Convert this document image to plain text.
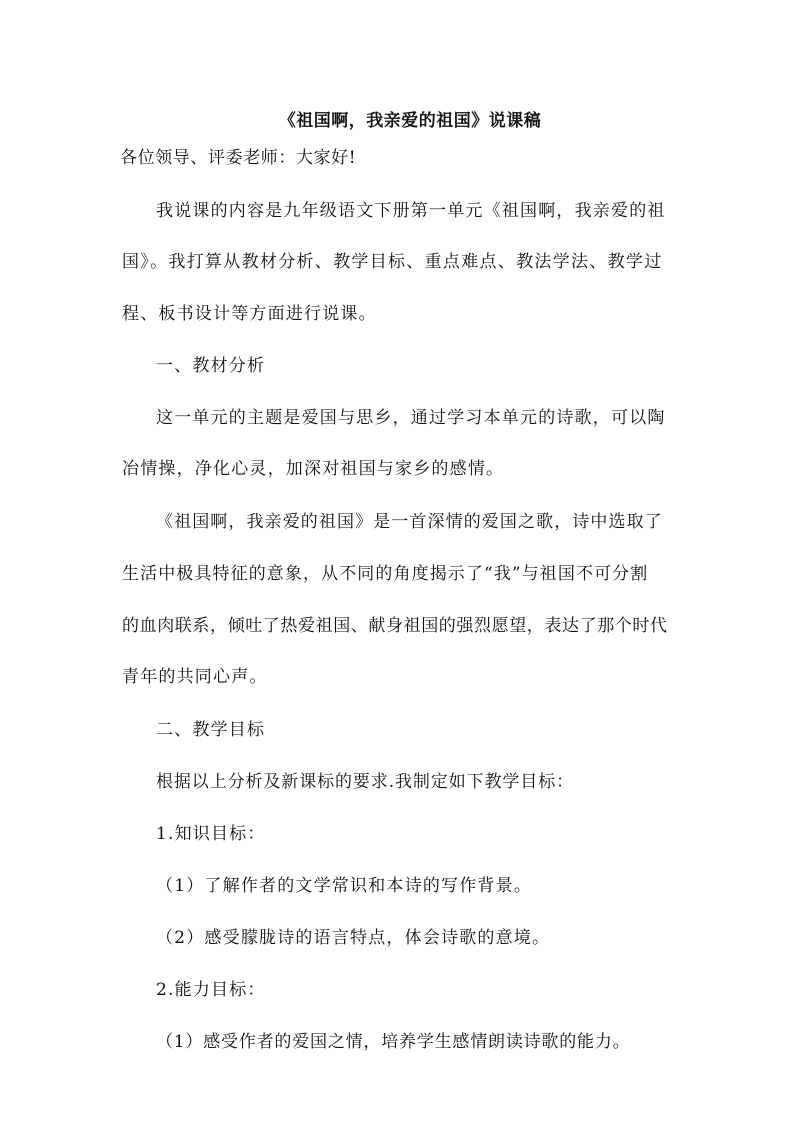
《祖国啊，我亲爱的祖国》说课稿

各位领导、评委老师：大家好!

我说课的内容是九年级语文下册第一单元《祖国啊，我亲爱的祖

国》。我打算从教材分析、教学目标、重点难点、教法学法、教学过

程、板书设计等方面进行说课。

一、教材分析

这一单元的主题是爱国与思乡，通过学习本单元的诗歌，可以陶

冶情操，净化心灵，加深对祖国与家乡的感情。

《祖国啊，我亲爱的祖国》是一首深情的爱国之歌，诗中选取了

生活中极具特征的意象，从不同的角度揭示了“我”与祖国不可分割

的血肉联系，倾吐了热爱祖国、献身祖国的强烈愿望，表达了那个时代

青年的共同心声。

二、教学目标

根据以上分析及新课标的要求.我制定如下教学目标：

1.知识目标：

（1）了解作者的文学常识和本诗的写作背景。

（2）感受朦胧诗的语言特点，体会诗歌的意境。

2.能力目标：

（1）感受作者的爱国之情，培养学生感情朗读诗歌的能力。
